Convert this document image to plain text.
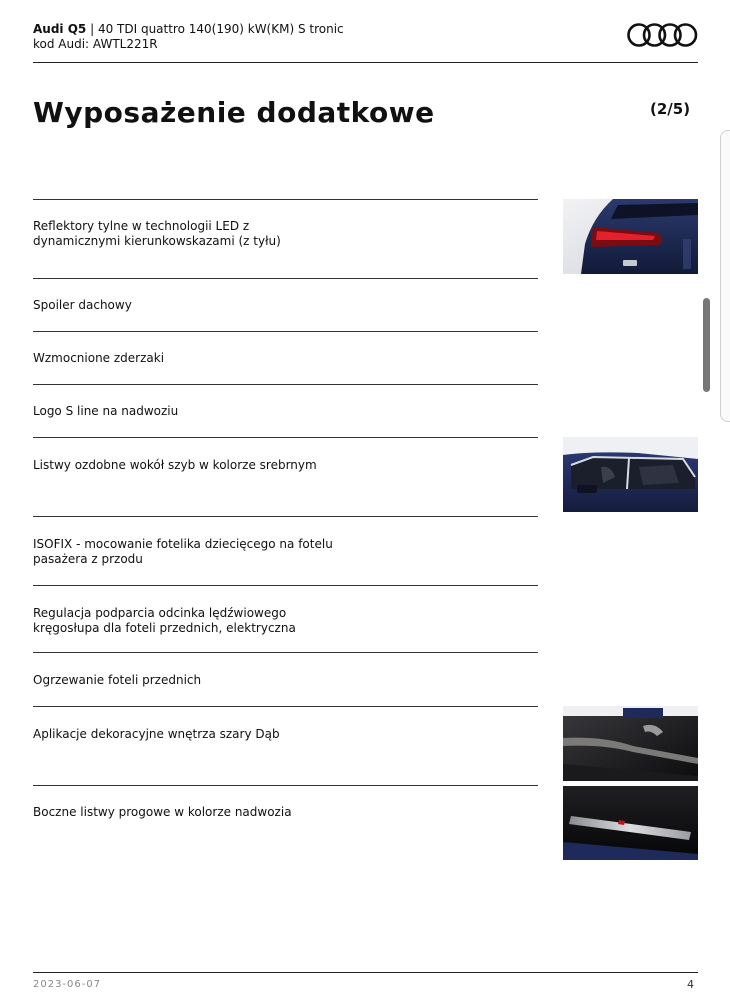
Audi Q5 | 40 TDI quattro 140(190) kW(KM) S tronic
kod Audi: AWTL221R
Wyposażenie dodatkowe	(2/5)
Reflektory tylne w technologii LED z dynamicznymi kierunkowskazami (z tyłu)
Spoiler dachowy
Wzmocnione zderzaki
Logo S line na nadwoziu
Listwy ozdobne wokół szyb w kolorze srebrnym
ISOFIX - mocowanie fotelika dziecięcego na fotelu pasażera z przodu
Regulacja podparcia odcinka lędźwiowego kręgosłupa dla foteli przednich, elektryczna
Ogrzewanie foteli przednich
Aplikacje dekoracyjne wnętrza szary Dąb
Boczne listwy progowe w kolorze nadwozia
2023-06-07	4
